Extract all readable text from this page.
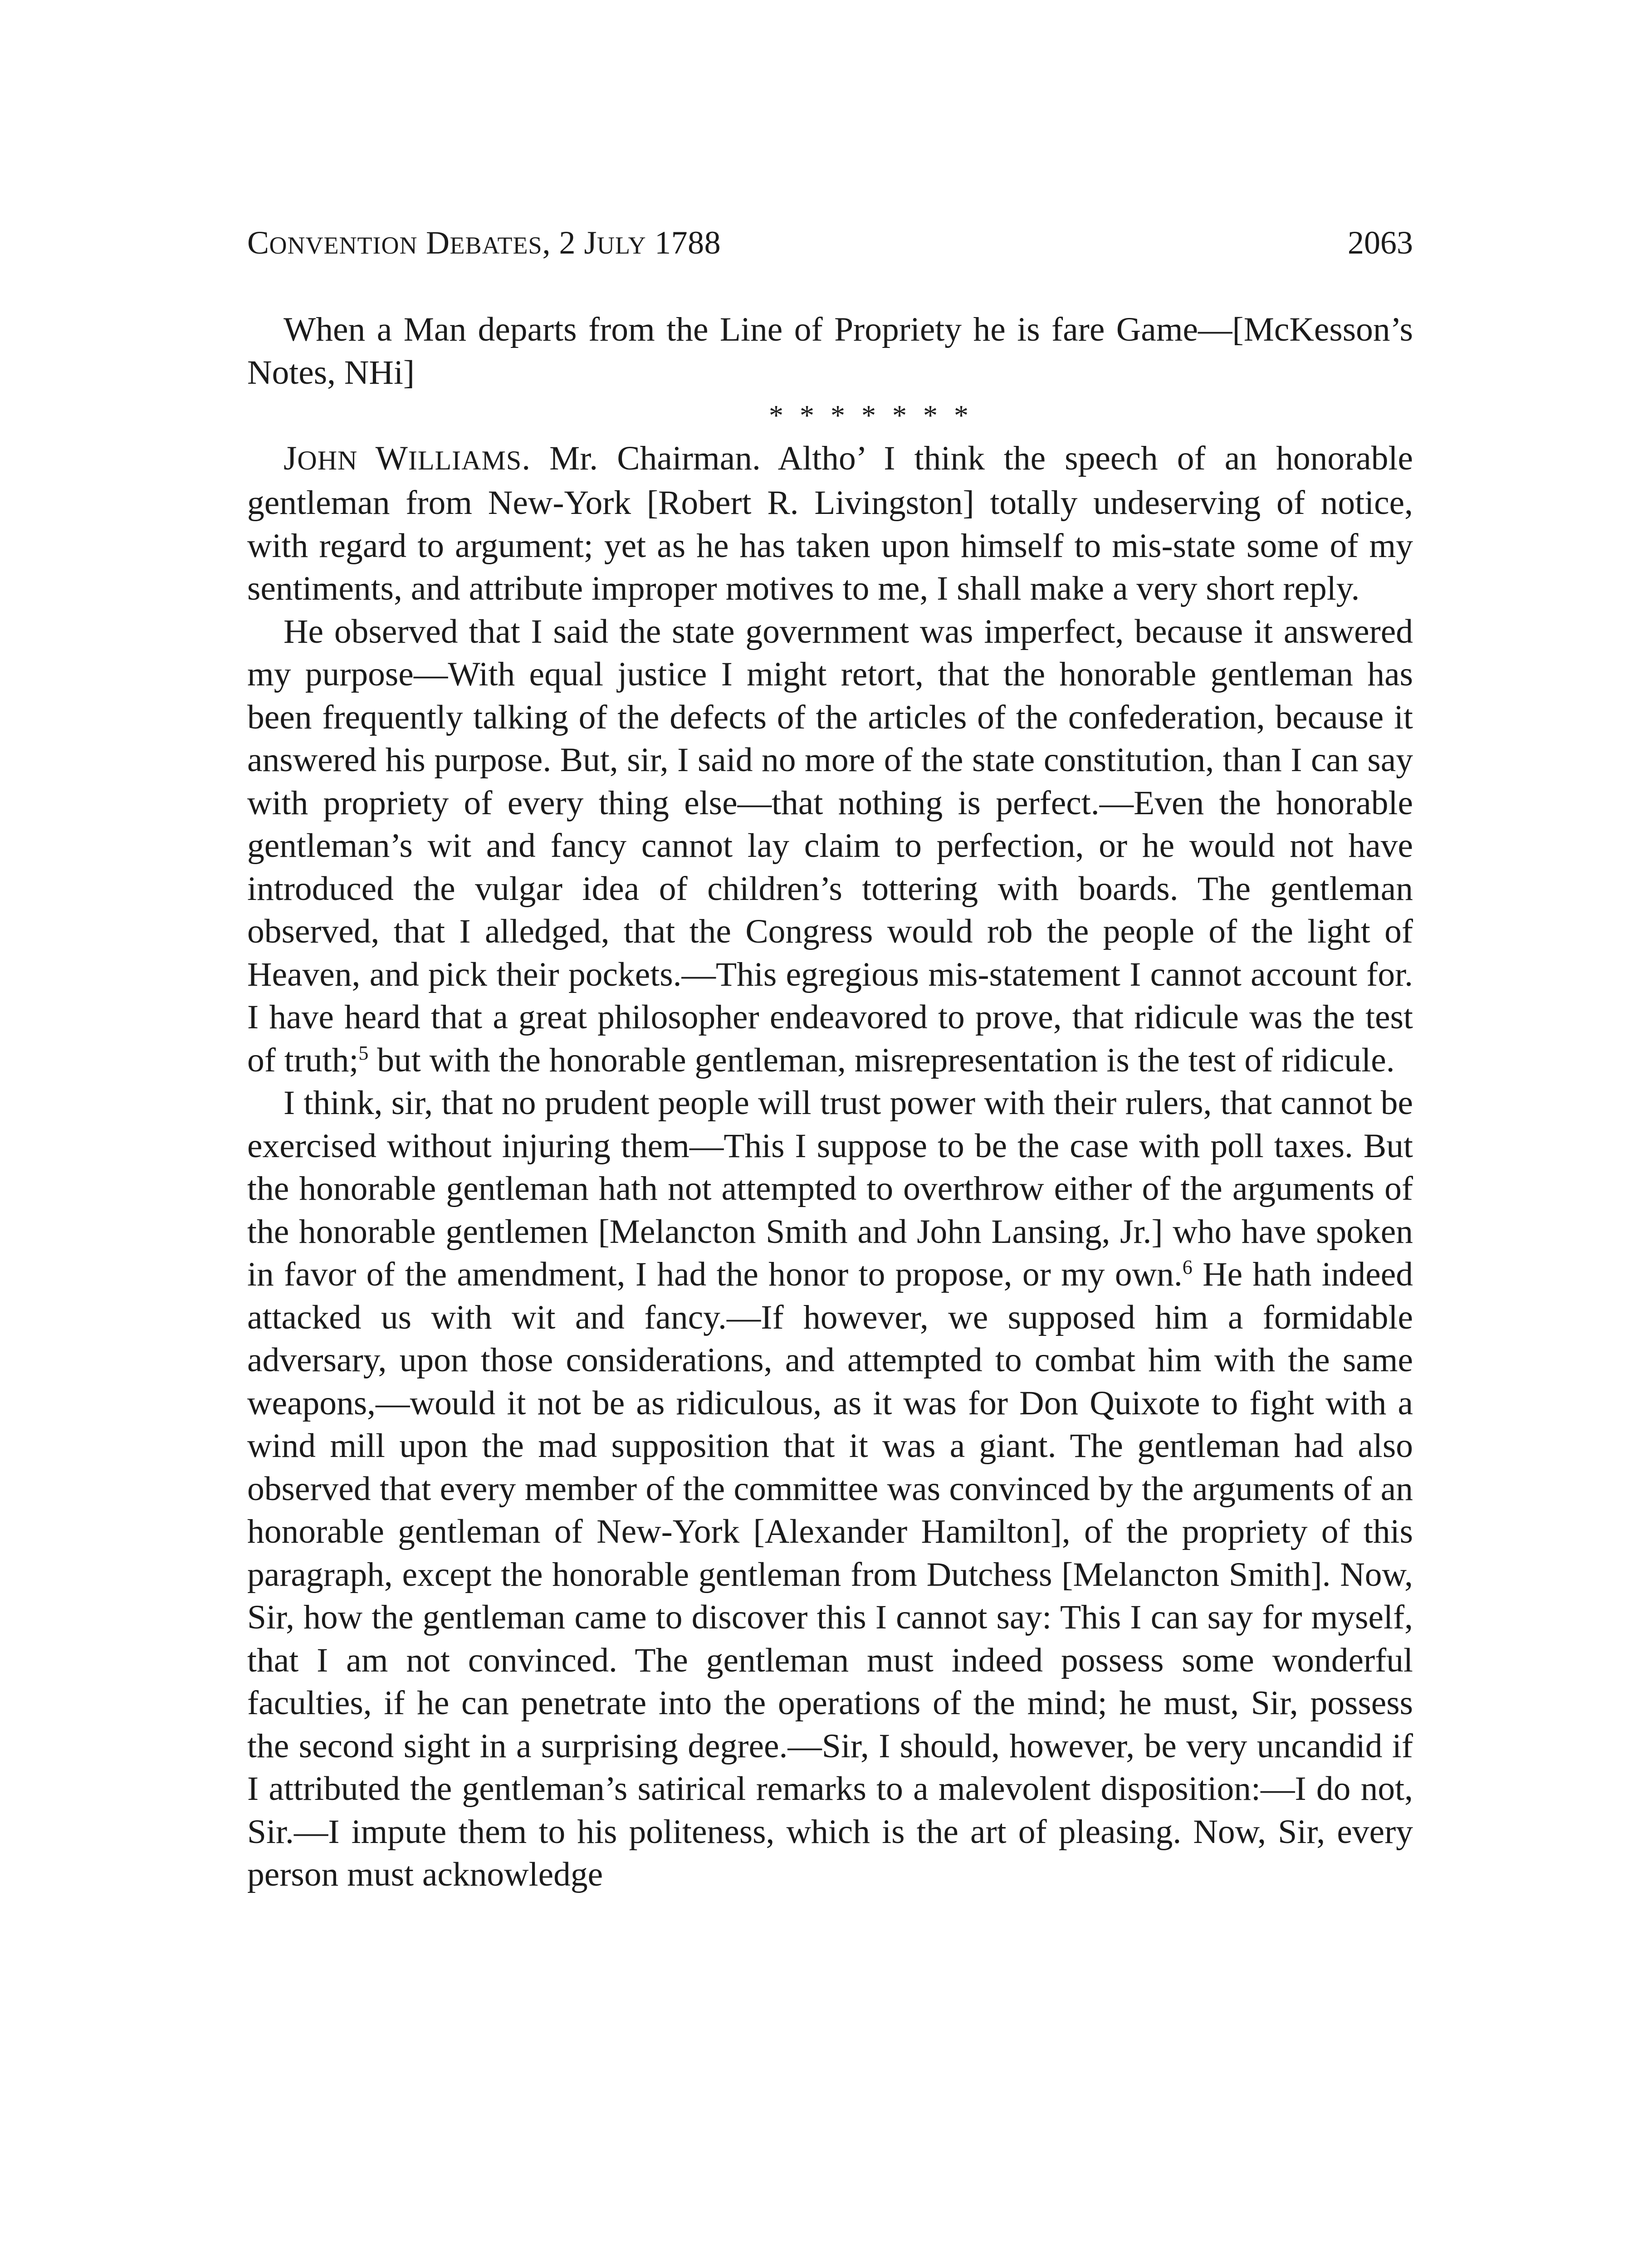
CONVENTION DEBATES, 2 JULY 1788	2063

When a Man departs from the Line of Propriety he is fare Game—[McKesson’s Notes, NHi]

* * * * * * *

JOHN WILLIAMS. Mr. Chairman. Altho’ I think the speech of an honorable gentleman from New-York [Robert R. Livingston] totally undeserving of notice, with regard to argument; yet as he has taken upon himself to mis-state some of my sentiments, and attribute improper motives to me, I shall make a very short reply.

He observed that I said the state government was imperfect, because it answered my purpose—With equal justice I might retort, that the honorable gentleman has been frequently talking of the defects of the articles of the confederation, because it answered his purpose. But, sir, I said no more of the state constitution, than I can say with propriety of every thing else—that nothing is perfect.—Even the honorable gentleman’s wit and fancy cannot lay claim to perfection, or he would not have introduced the vulgar idea of children’s tottering with boards. The gentleman observed, that I alledged, that the Congress would rob the people of the light of Heaven, and pick their pockets.—This egregious mis-statement I cannot account for. I have heard that a great philosopher endeavored to prove, that ridicule was the test of truth;$^5$ but with the honorable gentleman, misrepresentation is the test of ridicule.

I think, sir, that no prudent people will trust power with their rulers, that cannot be exercised without injuring them—This I suppose to be the case with poll taxes. But the honorable gentleman hath not attempted to overthrow either of the arguments of the honorable gentlemen [Melancton Smith and John Lansing, Jr.] who have spoken in favor of the amendment, I had the honor to propose, or my own.$^6$ He hath indeed attacked us with wit and fancy.—If however, we supposed him a formidable adversary, upon those considerations, and attempted to combat him with the same weapons,—would it not be as ridiculous, as it was for Don Quixote to fight with a wind mill upon the mad supposition that it was a giant. The gentleman had also observed that every member of the committee was convinced by the arguments of an honorable gentleman of New-York [Alexander Hamilton], of the propriety of this paragraph, except the honorable gentleman from Dutchess [Melancton Smith]. Now, Sir, how the gentleman came to discover this I cannot say: This I can say for myself, that I am not convinced. The gentleman must indeed possess some wonderful faculties, if he can penetrate into the operations of the mind; he must, Sir, possess the second sight in a surprising degree.—Sir, I should, however, be very uncandid if I attributed the gentleman’s satirical remarks to a malevolent disposition:—I do not, Sir.—I impute them to his politeness, which is the art of pleasing. Now, Sir, every person must acknowledge
